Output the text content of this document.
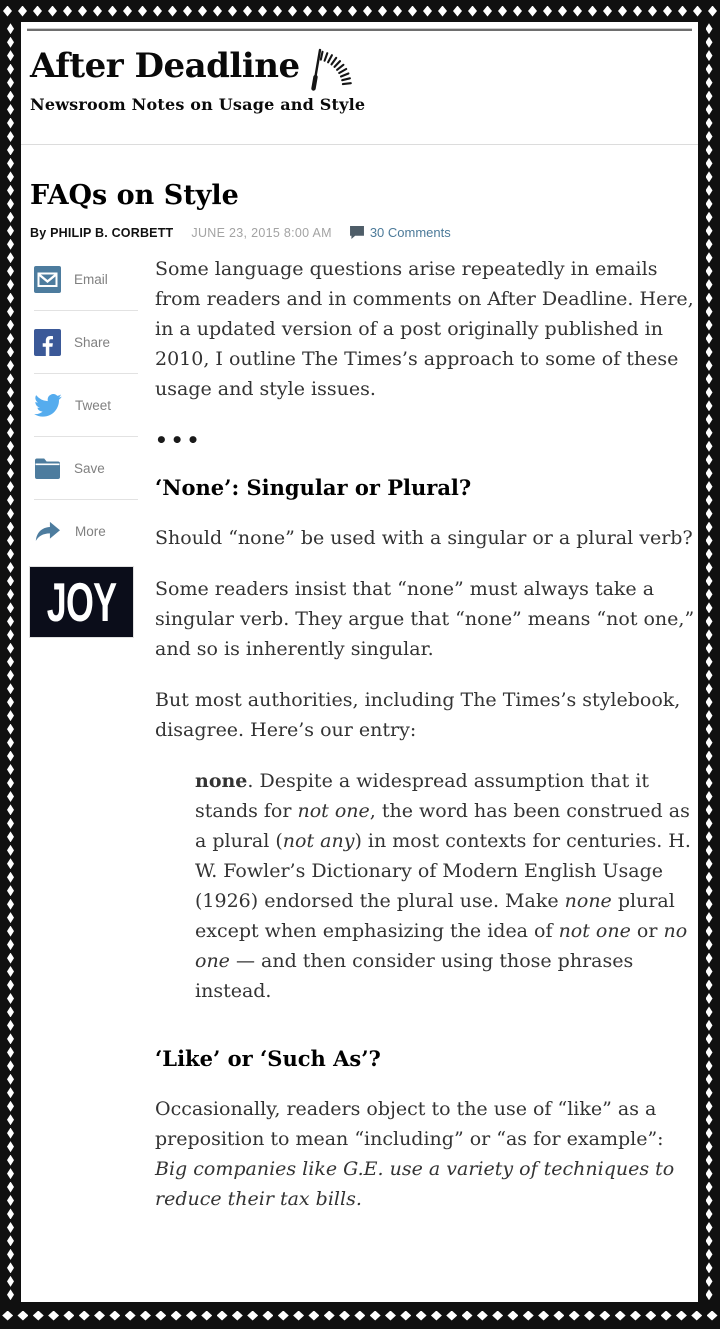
After Deadline
Newsroom Notes on Usage and Style
FAQs on Style
By PHILIP B. CORBETT JUNE 23, 2015 8:00 AM	30 Comments
Email
Share
Tweet
Save
More
JOY

Some language questions arise repeatedly in emails from readers and in comments on After Deadline. Here, in a updated version of a post originally published in 2010, I outline The Times’s approach to some of these usage and style issues.

•••
‘None’: Singular or Plural?

Should “none” be used with a singular or a plural verb?

Some readers insist that “none” must always take a singular verb. They argue that “none” means “not one,” and so is inherently singular.

But most authorities, including The Times’s stylebook, disagree. Here’s our entry:

none. Despite a widespread assumption that it stands for not one, the word has been construed as a plural (not any) in most contexts for centuries. H. W. Fowler’s Dictionary of Modern English Usage (1926) endorsed the plural use. Make none plural except when emphasizing the idea of not one or no one — and then consider using those phrases instead.
‘Like’ or ‘Such As’?

Occasionally, readers object to the use of “like” as a preposition to mean “including” or “as for example”: Big companies like G.E. use a variety of techniques to reduce their tax bills.
